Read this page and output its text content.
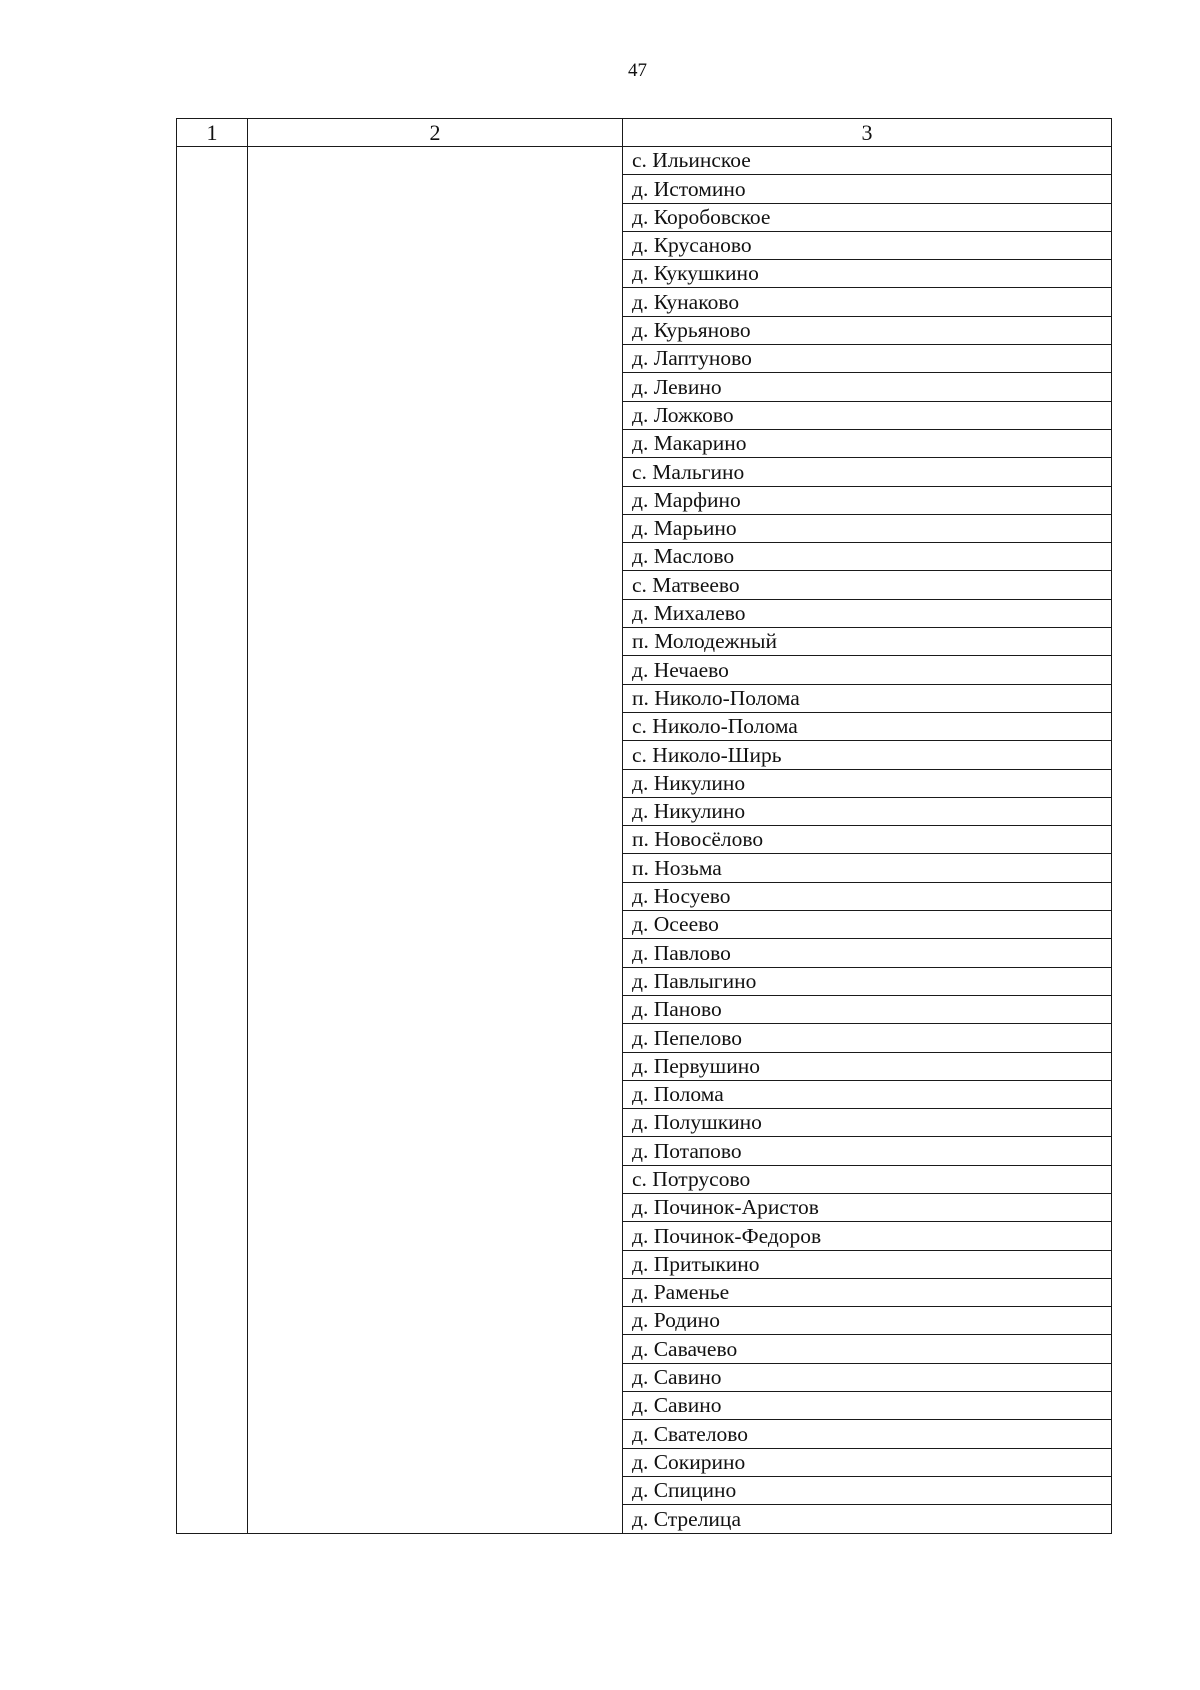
47
1	2	3
		с. Ильинское
		д. Истомино
		д. Коробовское
		д. Крусаново
		д. Кукушкино
		д. Кунаково
		д. Курьяново
		д. Лаптуново
		д. Левино
		д. Ложково
		д. Макарино
		с. Мальгино
		д. Марфино
		д. Марьино
		д. Маслово
		с. Матвеево
		д. Михалево
		п. Молодежный
		д. Нечаево
		п. Николо-Полома
		с. Николо-Полома
		с. Николо-Ширь
		д. Никулино
		д. Никулино
		п. Новосёлово
		п. Нозьма
		д. Носуево
		д. Осеево
		д. Павлово
		д. Павлыгино
		д. Паново
		д. Пепелово
		д. Первушино
		д. Полома
		д. Полушкино
		д. Потапово
		с. Потрусово
		д. Починок-Аристов
		д. Починок-Федоров
		д. Притыкино
		д. Раменье
		д. Родино
		д. Савачево
		д. Савино
		д. Савино
		д. Свателово
		д. Сокирино
		д. Спицино
		д. Стрелица
